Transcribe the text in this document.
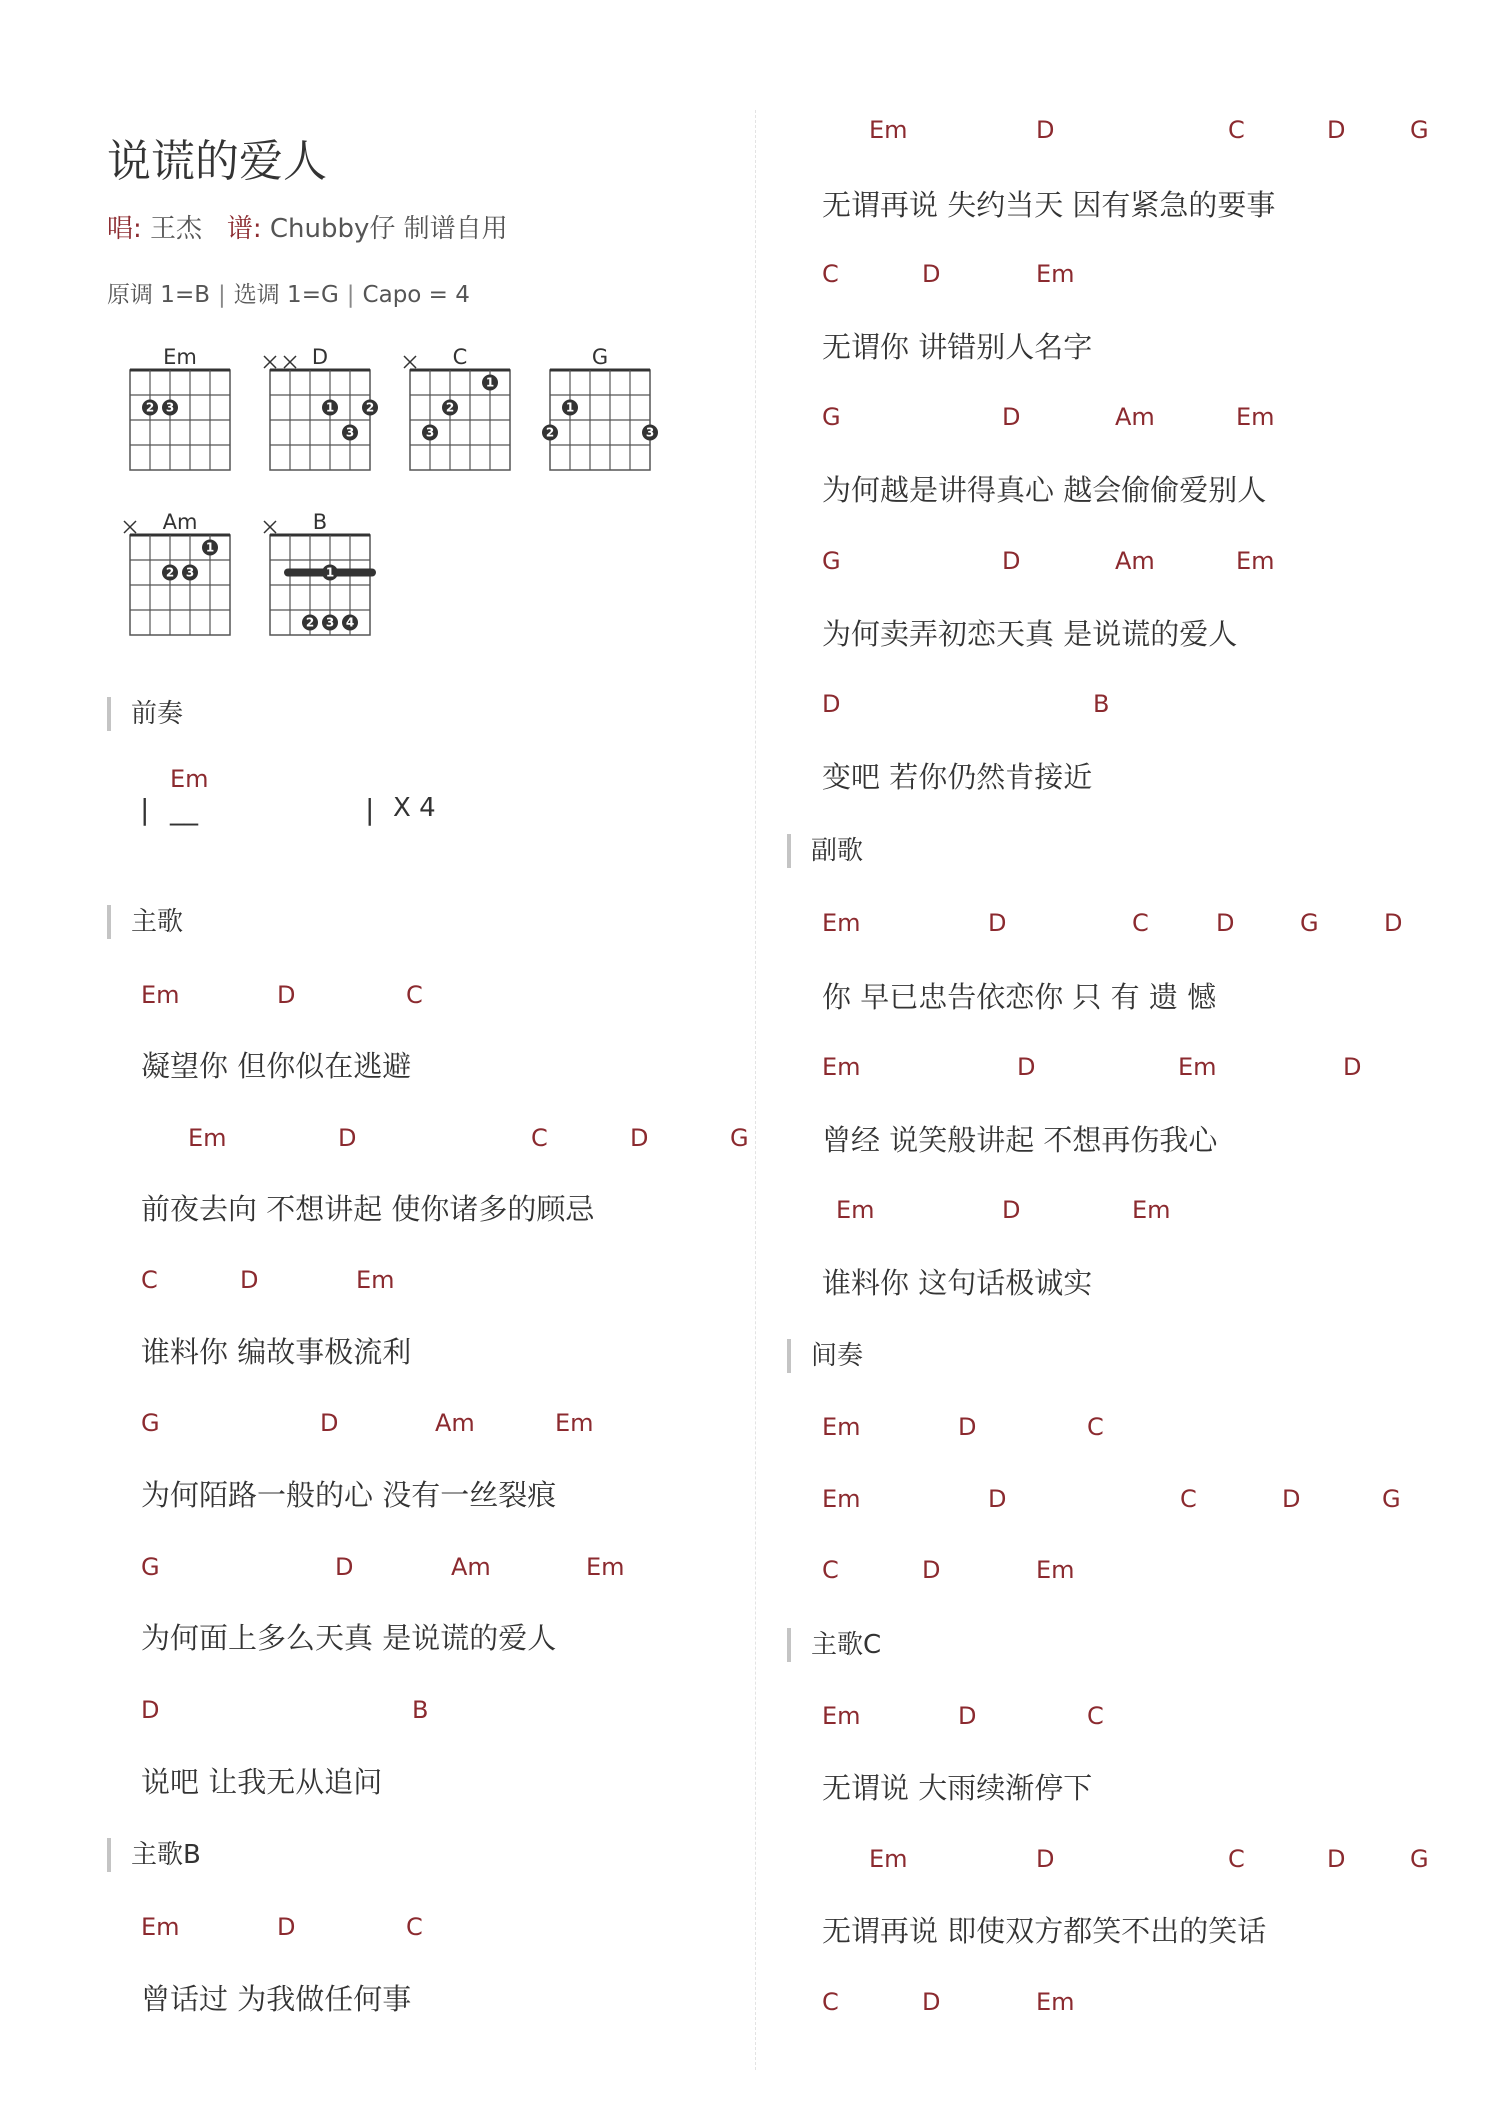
说谎的爱人
唱: 王杰 谱: Chubby仔 制谱自用
原调 1=B | 选调 1=G | Capo = 4
Em
2 3
D
1	2
3
C
1
2
3
G
1
2	3
Am
1
2 3
B
1
2 3 4
前奏
Em
| __	| X 4
主歌
Em	D	C
凝望你 但你似在逃避
Em	D	C	D	G
前夜去向 不想讲起 使你诸多的顾忌
C	D	Em
谁料你 编故事极流利
G	D	Am	Em
为何陌路一般的心 没有一丝裂痕
G	D	Am	Em
为何面上多么天真 是说谎的爱人
D	B
说吧 让我无从追问
主歌B
Em	D	C
曾话过 为我做任何事
Em	D	C	D	G
无谓再说 失约当天 因有紧急的要事
C	D	Em
无谓你 讲错别人名字
G	D	Am	Em
为何越是讲得真心 越会偷偷爱别人
G	D	Am	Em
为何卖弄初恋天真 是说谎的爱人
D	B
变吧 若你仍然肯接近
副歌
Em	D	C	D	G	D
你 早已忠告依恋你 只 有 遗 憾
Em	D	Em	D
曾经 说笑般讲起 不想再伤我心
Em	D	Em
谁料你 这句话极诚实
间奏
Em	D	C
Em	D	C	D	G
C	D	Em
主歌C
Em	D	C
无谓说 大雨续渐停下
Em	D	C	D	G
无谓再说 即使双方都笑不出的笑话
C	D	Em
